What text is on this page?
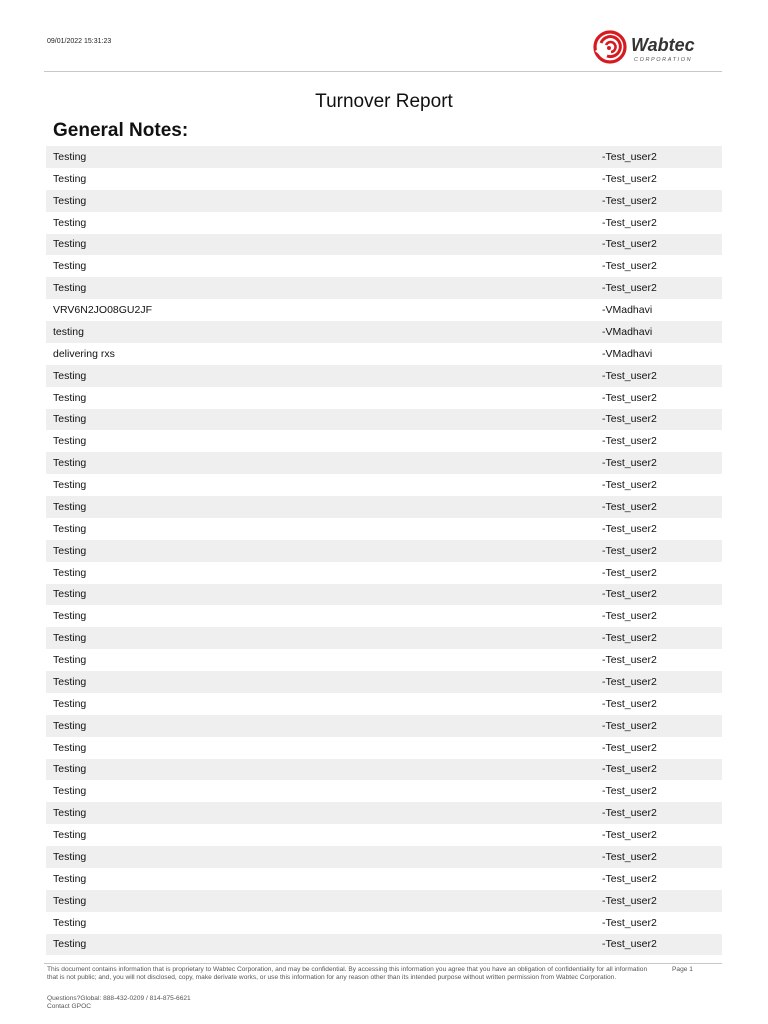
09/01/2022 15:31:23	Wabtec
CORPORATION
Turnover Report
General Notes:
Testing	-Test_user2
Testing	-Test_user2
Testing	-Test_user2
Testing	-Test_user2
Testing	-Test_user2
Testing	-Test_user2
Testing	-Test_user2
VRV6N2JO08GU2JF	-VMadhavi
testing	-VMadhavi
delivering rxs	-VMadhavi
Testing	-Test_user2
Testing	-Test_user2
Testing	-Test_user2
Testing	-Test_user2
Testing	-Test_user2
Testing	-Test_user2
Testing	-Test_user2
Testing	-Test_user2
Testing	-Test_user2
Testing	-Test_user2
Testing	-Test_user2
Testing	-Test_user2
Testing	-Test_user2
Testing	-Test_user2
Testing	-Test_user2
Testing	-Test_user2
Testing	-Test_user2
Testing	-Test_user2
Testing	-Test_user2
Testing	-Test_user2
Testing	-Test_user2
Testing	-Test_user2
Testing	-Test_user2
Testing	-Test_user2
Testing	-Test_user2
Testing	-Test_user2
Testing	-Test_user2
This document contains information that is proprietary to Wabtec Corporation, and may be confidential. By accessing this information you agree that you have an obligation of confidentiality for all information that is not public; and, you will not disclosed, copy, make derivate works, or use this information for any reason other than its intended purpose without written permission from Wabtec Corporation.
Page 1
Questions?Global: 888-432-0209 / 814-875-6621
Contact GPOC
